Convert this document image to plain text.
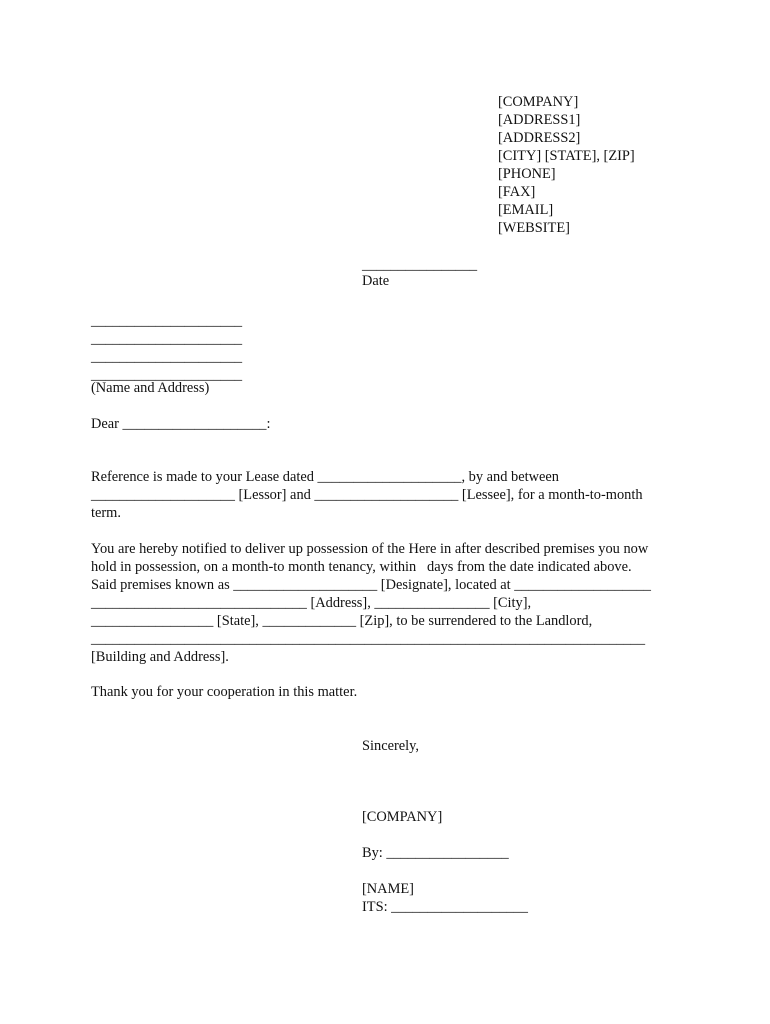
[COMPANY]
[ADDRESS1]
[ADDRESS2]
[CITY] [STATE], [ZIP]
[PHONE]
[FAX]
[EMAIL]
[WEBSITE]
________________
Date
_____________________
_____________________
_____________________
_____________________
(Name and Address)
Dear ____________________:
Reference is made to your Lease dated ____________________, by and between
____________________ [Lessor] and ____________________ [Lessee], for a month-to-month
term.
You are hereby notified to deliver up possession of the Here in after described premises you now
hold in possession, on a month-to month tenancy, within   days from the date indicated above.
Said premises known as ____________________ [Designate], located at ___________________
______________________________ [Address], ________________ [City],
_________________ [State], _____________ [Zip], to be surrendered to the Landlord,
_____________________________________________________________________________
[Building and Address].
Thank you for your cooperation in this matter.
Sincerely,
[COMPANY]
By: _________________
[NAME]
ITS: ___________________
